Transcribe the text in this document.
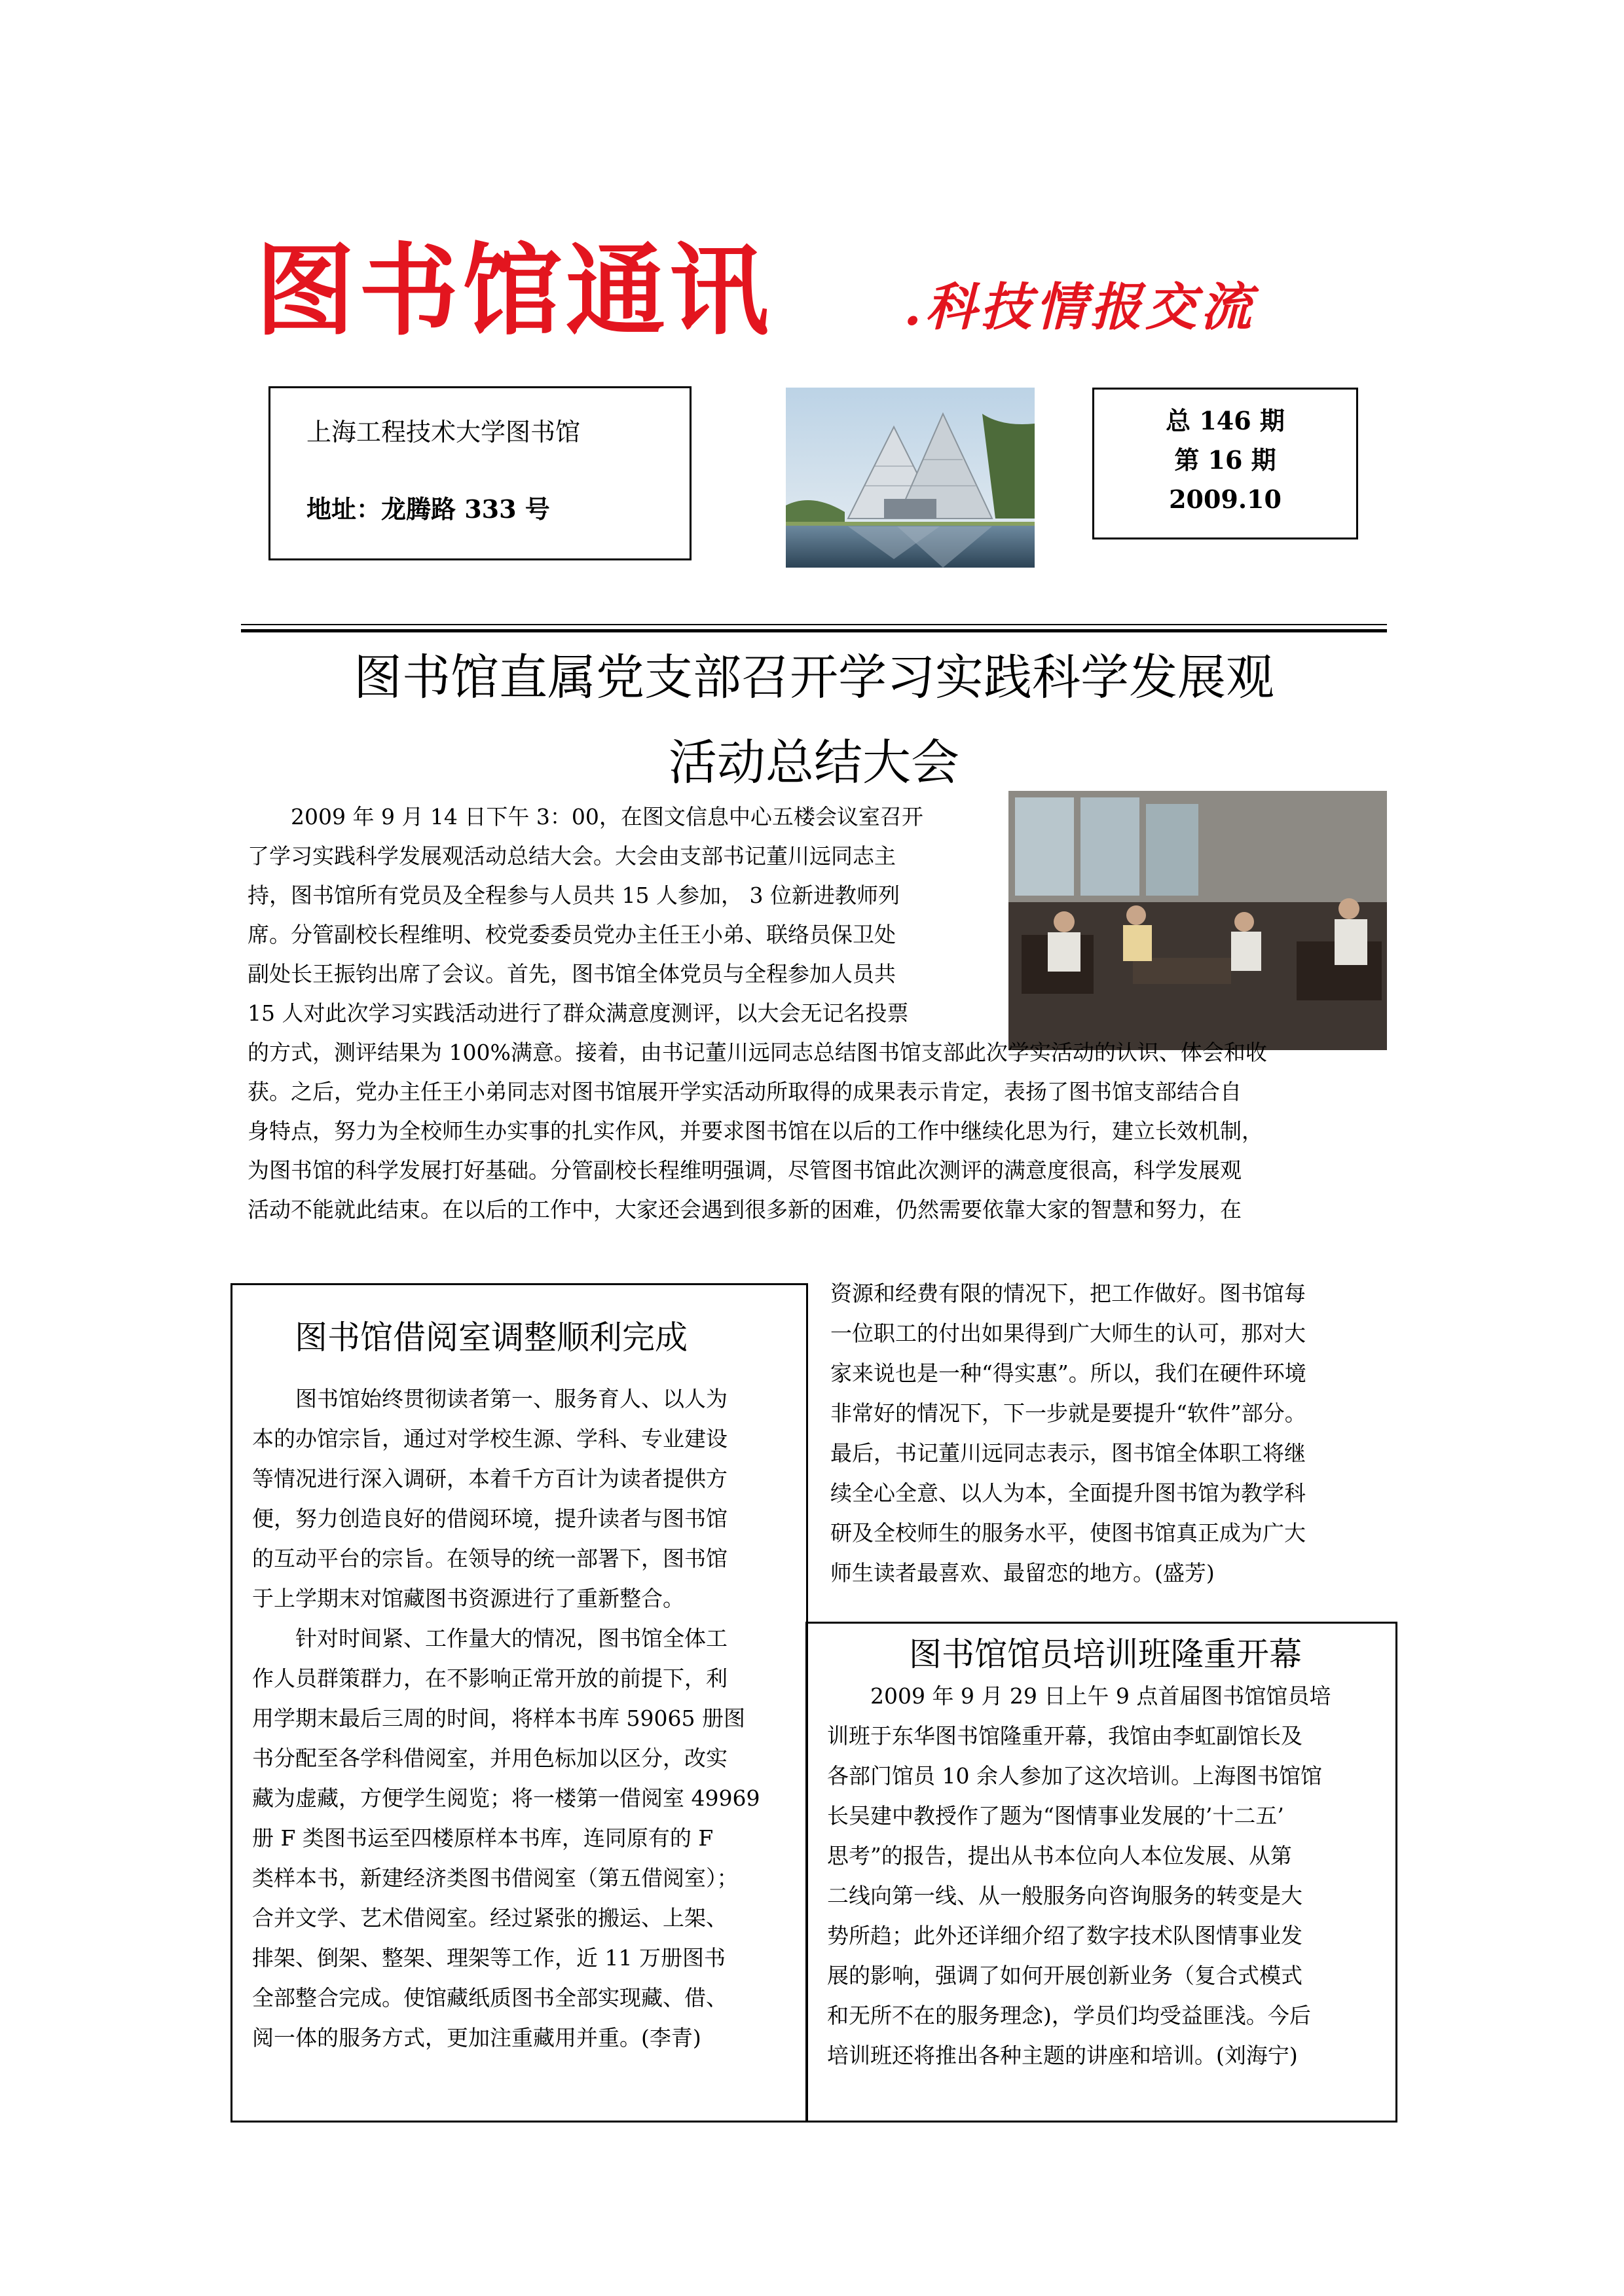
图书馆通讯	.科技情报交流
上海工程技术大学图书馆
地址：龙腾路 333 号
总 146 期
第 16 期
2009.10
图书馆直属党支部召开学习实践科学发展观
活动总结大会
　　2009 年 9 月 14 日下午 3：00，在图文信息中心五楼会议室召开
了学习实践科学发展观活动总结大会。大会由支部书记董川远同志主
持，图书馆所有党员及全程参与人员共 15 人参加， 3 位新进教师列
席。分管副校长程维明、校党委委员党办主任王小弟、联络员保卫处
副处长王振钧出席了会议。首先，图书馆全体党员与全程参加人员共
15 人对此次学习实践活动进行了群众满意度测评，以大会无记名投票
的方式，测评结果为 100%满意。接着，由书记董川远同志总结图书馆支部此次学实活动的认识、体会和收
获。之后，党办主任王小弟同志对图书馆展开学实活动所取得的成果表示肯定，表扬了图书馆支部结合自
身特点，努力为全校师生办实事的扎实作风，并要求图书馆在以后的工作中继续化思为行，建立长效机制，
为图书馆的科学发展打好基础。分管副校长程维明强调，尽管图书馆此次测评的满意度很高，科学发展观
活动不能就此结束。在以后的工作中，大家还会遇到很多新的困难，仍然需要依靠大家的智慧和努力，在
资源和经费有限的情况下，把工作做好。图书馆每
一位职工的付出如果得到广大师生的认可，那对大
家来说也是一种“得实惠”。所以，我们在硬件环境
非常好的情况下，下一步就是要提升“软件”部分。
最后，书记董川远同志表示，图书馆全体职工将继
续全心全意、以人为本，全面提升图书馆为教学科
研及全校师生的服务水平，使图书馆真正成为广大
师生读者最喜欢、最留恋的地方。(盛芳)
图书馆借阅室调整顺利完成
　　图书馆始终贯彻读者第一、服务育人、以人为
本的办馆宗旨，通过对学校生源、学科、专业建设
等情况进行深入调研，本着千方百计为读者提供方
便，努力创造良好的借阅环境，提升读者与图书馆
的互动平台的宗旨。在领导的统一部署下，图书馆
于上学期末对馆藏图书资源进行了重新整合。
　　针对时间紧、工作量大的情况，图书馆全体工
作人员群策群力，在不影响正常开放的前提下，利
用学期末最后三周的时间，将样本书库 59065 册图
书分配至各学科借阅室，并用色标加以区分，改实
藏为虚藏，方便学生阅览；将一楼第一借阅室 49969
册 F 类图书运至四楼原样本书库，连同原有的 F
类样本书，新建经济类图书借阅室（第五借阅室）；
合并文学、艺术借阅室。经过紧张的搬运、上架、
排架、倒架、整架、理架等工作，近 11 万册图书
全部整合完成。使馆藏纸质图书全部实现藏、借、
阅一体的服务方式，更加注重藏用并重。(李青)
图书馆馆员培训班隆重开幕
　　2009 年 9 月 29 日上午 9 点首届图书馆馆员培
训班于东华图书馆隆重开幕，我馆由李虹副馆长及
各部门馆员 10 余人参加了这次培训。上海图书馆馆
长吴建中教授作了题为“图情事业发展的’十二五’
思考”的报告，提出从书本位向人本位发展、从第
二线向第一线、从一般服务向咨询服务的转变是大
势所趋；此外还详细介绍了数字技术队图情事业发
展的影响，强调了如何开展创新业务（复合式模式
和无所不在的服务理念)，学员们均受益匪浅。今后
培训班还将推出各种主题的讲座和培训。(刘海宁)
